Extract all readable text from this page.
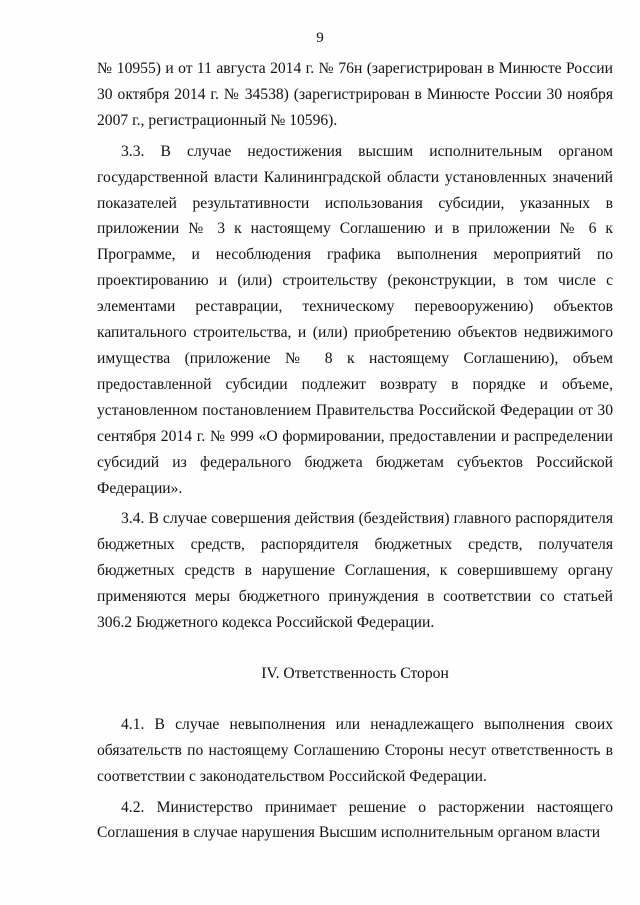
9

№ 10955) и от 11 августа 2014 г. № 76н (зарегистрирован в Минюсте России 30 октября 2014 г. № 34538) (зарегистрирован в Минюсте России 30 ноября 2007 г., регистрационный № 10596).

3.3. В случае недостижения высшим исполнительным органом государственной власти Калининградской области установленных значений показателей результативности использования субсидии, указанных в приложении № 3 к настоящему Соглашению и в приложении № 6 к Программе, и несоблюдения графика выполнения мероприятий по проектированию и (или) строительству (реконструкции, в том числе с элементами реставрации, техническому перевооружению) объектов капитального строительства, и (или) приобретению объектов недвижимого имущества (приложение № 8 к настоящему Соглашению), объем предоставленной субсидии подлежит возврату в порядке и объеме, установленном постановлением Правительства Российской Федерации от 30 сентября 2014 г. № 999 «О формировании, предоставлении и распределении субсидий из федерального бюджета бюджетам субъектов Российской Федерации».

3.4. В случае совершения действия (бездействия) главного распорядителя бюджетных средств, распорядителя бюджетных средств, получателя бюджетных средств в нарушение Соглашения, к совершившему органу применяются меры бюджетного принуждения в соответствии со статьей 306.2 Бюджетного кодекса Российской Федерации.

IV. Ответственность Сторон

4.1. В случае невыполнения или ненадлежащего выполнения своих обязательств по настоящему Соглашению Стороны несут ответственность в соответствии с законодательством Российской Федерации.

4.2. Министерство принимает решение о расторжении настоящего Соглашения в случае нарушения Высшим исполнительным органом власти
